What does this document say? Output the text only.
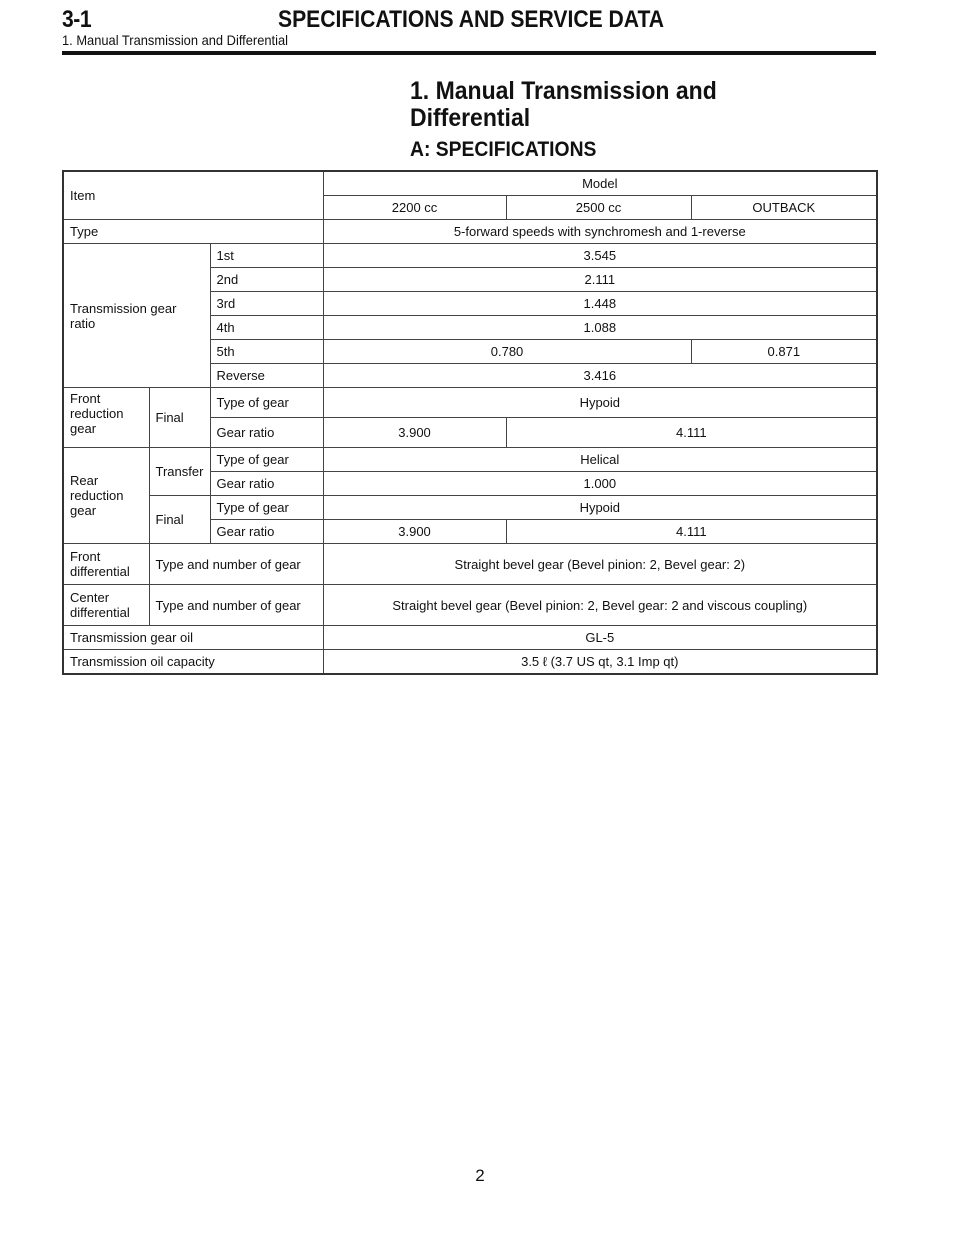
3-1	SPECIFICATIONS AND SERVICE DATA
1. Manual Transmission and Differential
1. Manual Transmission and
Differential
A: SPECIFICATIONS
Item			Model		
			2200 cc	2500 cc	OUTBACK
Type			5-forward speeds with synchromesh and 1-reverse		
Transmission gear ratio		1st	3.545		
		2nd	2.111		
		3rd	1.448		
		4th	1.088		
		5th	0.780		0.871
		Reverse	3.416		
Front reduction gear	Final	Type of gear	Hypoid		
		Gear ratio	3.900	4.111	
Rear reduction gear	Transfer	Type of gear	Helical		
		Gear ratio	1.000		
	Final	Type of gear	Hypoid		
		Gear ratio	3.900	4.111	
Front differential	Type and number of gear		Straight bevel gear (Bevel pinion: 2, Bevel gear: 2)		
Center differential	Type and number of gear		Straight bevel gear (Bevel pinion: 2, Bevel gear: 2 and viscous coupling)		
Transmission gear oil			GL-5		
Transmission oil capacity			3.5 ℓ (3.7 US qt, 3.1 Imp qt)		
2
